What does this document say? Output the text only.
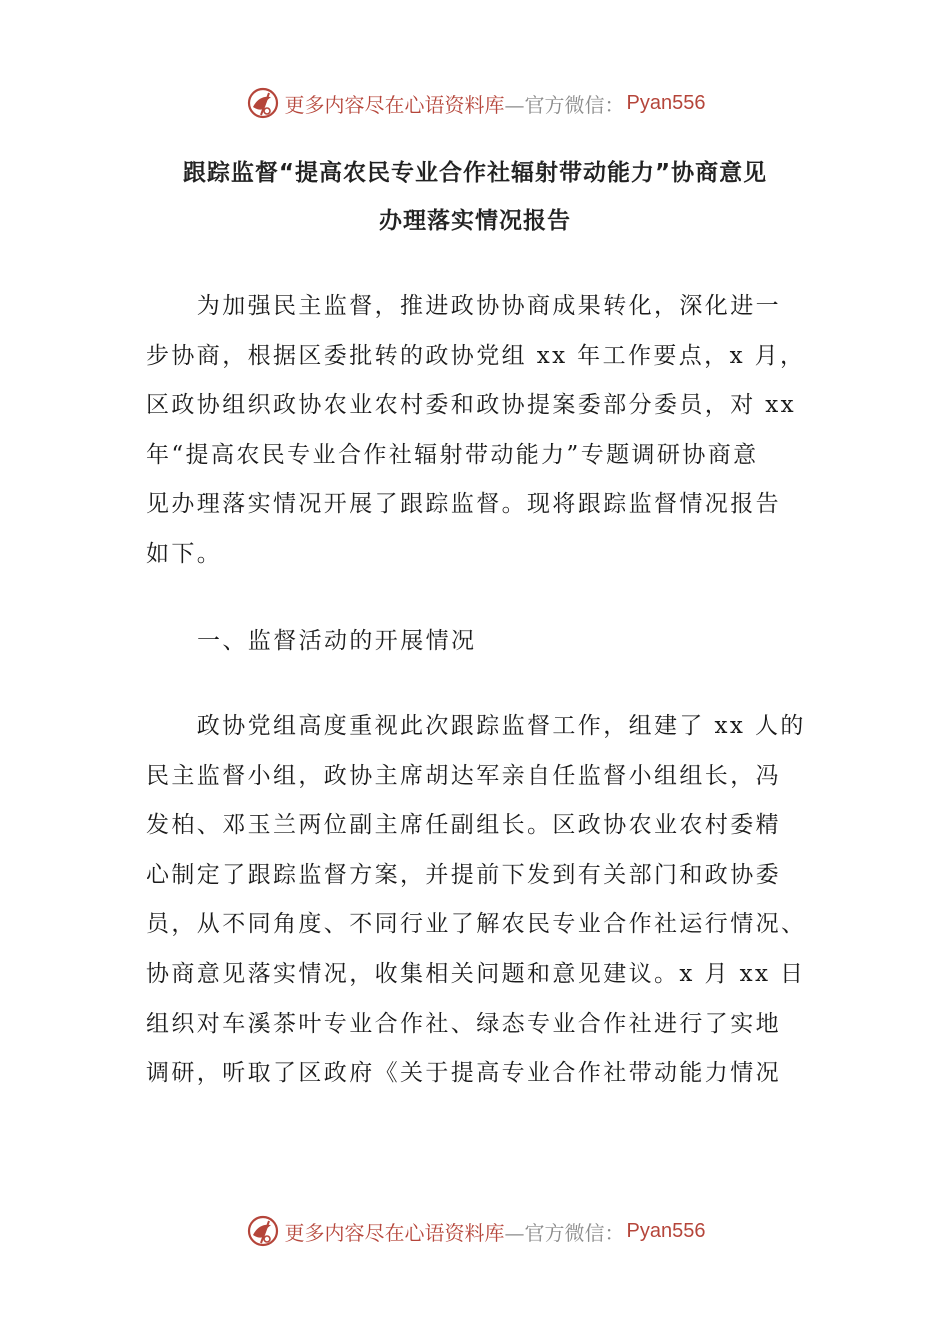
更多内容尽在心语资料库 —官方微信： Pyan556
跟踪监督“提高农民专业合作社辐射带动能力”协商意见
办理落实情况报告
　　为加强民主监督，推进政协协商成果转化，深化进一
步协商，根据区委批转的政协党组 xx 年工作要点，x 月，
区政协组织政协农业农村委和政协提案委部分委员，对 xx
年“提高农民专业合作社辐射带动能力”专题调研协商意
见办理落实情况开展了跟踪监督。现将跟踪监督情况报告
如下。
一、监督活动的开展情况
　　政协党组高度重视此次跟踪监督工作，组建了 xx 人的
民主监督小组，政协主席胡达军亲自任监督小组组长，冯
发柏、邓玉兰两位副主席任副组长。区政协农业农村委精
心制定了跟踪监督方案，并提前下发到有关部门和政协委
员，从不同角度、不同行业了解农民专业合作社运行情况、
协商意见落实情况，收集相关问题和意见建议。x 月 xx 日
组织对车溪茶叶专业合作社、绿态专业合作社进行了实地
调研，听取了区政府《关于提高专业合作社带动能力情况
更多内容尽在心语资料库 —官方微信： Pyan556
